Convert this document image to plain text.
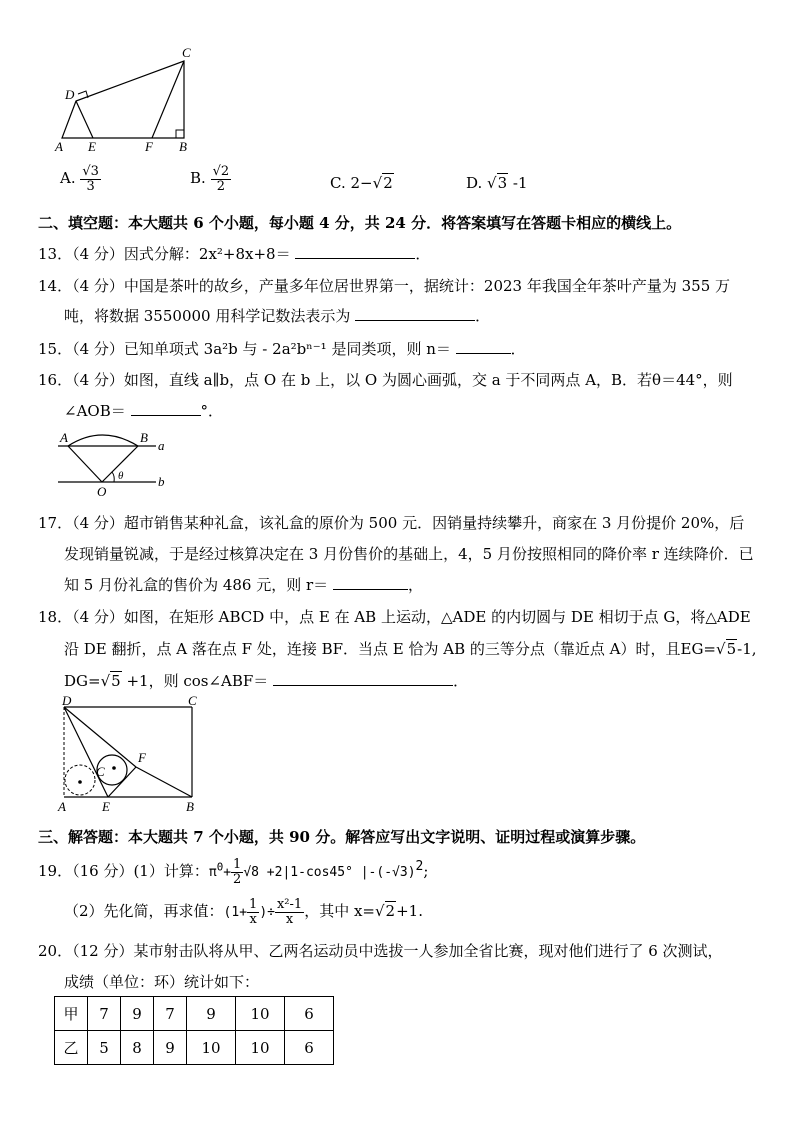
A E	F B
D
C
A. $\frac{√3}{3}$	B. $\frac{√2}{2}$	C. 2−√2	D. √3 -1
二、填空题：本大题共 6 个小题，每小题 4 分，共 24 分．将答案填写在答题卡相应的横线上。
13．（4 分）因式分解：2x²+8x+8＝	．
14．（4 分）中国是茶叶的故乡，产量多年位居世界第一，据统计：2023 年我国全年茶叶产量为 355 万
吨，将数据 3550000 用科学记数法表示为	．
15．（4 分）已知单项式 3a²b 与 - 2a²bⁿ⁻¹ 是同类项，则 n＝	．
16．（4 分）如图，直线 a∥b，点 O 在 b 上，以 O 为圆心画弧，交 a 于不同两点 A，B．若θ＝44°，则
∠AOB＝	°．
A	B
a
b
O
θ
17．（4 分）超市销售某种礼盒，该礼盒的原价为 500 元．因销量持续攀升，商家在 3 月份提价 20%，后
发现销量锐减，于是经过核算决定在 3 月份售价的基础上，4，5 月份按照相同的降价率 r 连续降价．已
知 5 月份礼盒的售价为 486 元，则 r＝	，
18．（4 分）如图，在矩形 ABCD 中，点 E 在 AB 上运动，△ADE 的内切圆与 DE 相切于点 G，将△ADE
沿 DE 翻折，点 A 落在点 F 处，连接 BF．当点 E 恰为 AB 的三等分点（靠近点 A）时，且EG=√5-1,
DG=√5 +1，则 cos∠ABF＝	．
D	C
A	E	B
F
C
三、解答题：本大题共 7 个小题，共 90 分。解答应写出文字说明、证明过程或演算步骤。
19．（16 分）(1）计算：$\pi^0+ \frac{1}{2} √8 +2|1-\cos 45^\circ$ $|-(-√3)^2$;
（2）先化简，再求值：($1+ \frac{1}{x}$ )÷ $\frac{\text{x²-1}}{x}$ ，其中 x=√2+1.
20．（12 分）某市射击队将从甲、乙两名运动员中选拔一人参加全省比赛，现对他们进行了 6 次测试，
成绩（单位：环）统计如下：
甲	7	9	7	9	10	6
乙	5	8	9	10	10	6
